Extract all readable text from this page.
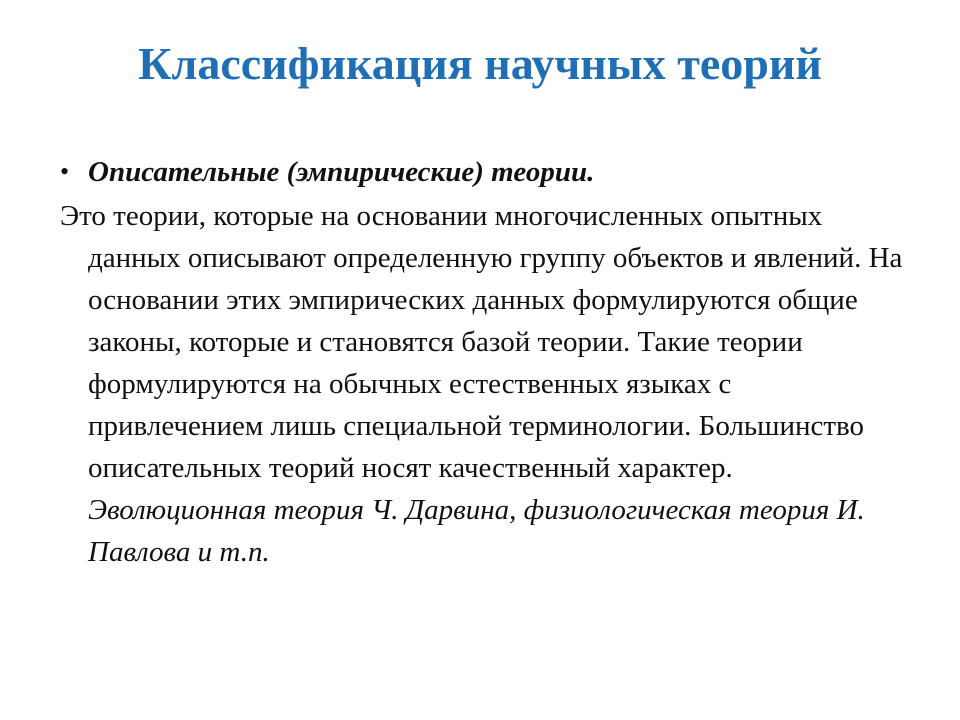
Классификация научных теорий
• Описательные (эмпирические) теории.

Это теории, которые на основании многочисленных опытных данных описывают определенную группу объектов и явлений. На основании этих эмпирических данных формулируются общие законы, которые и становятся базой теории. Такие теории формулируются на обычных естественных языках с привлечением лишь специальной терминологии. Большинство описательных теорий носят качественный характер. Эволюционная теория Ч. Дарвина, физиологическая теория И. Павлова и т.п.
